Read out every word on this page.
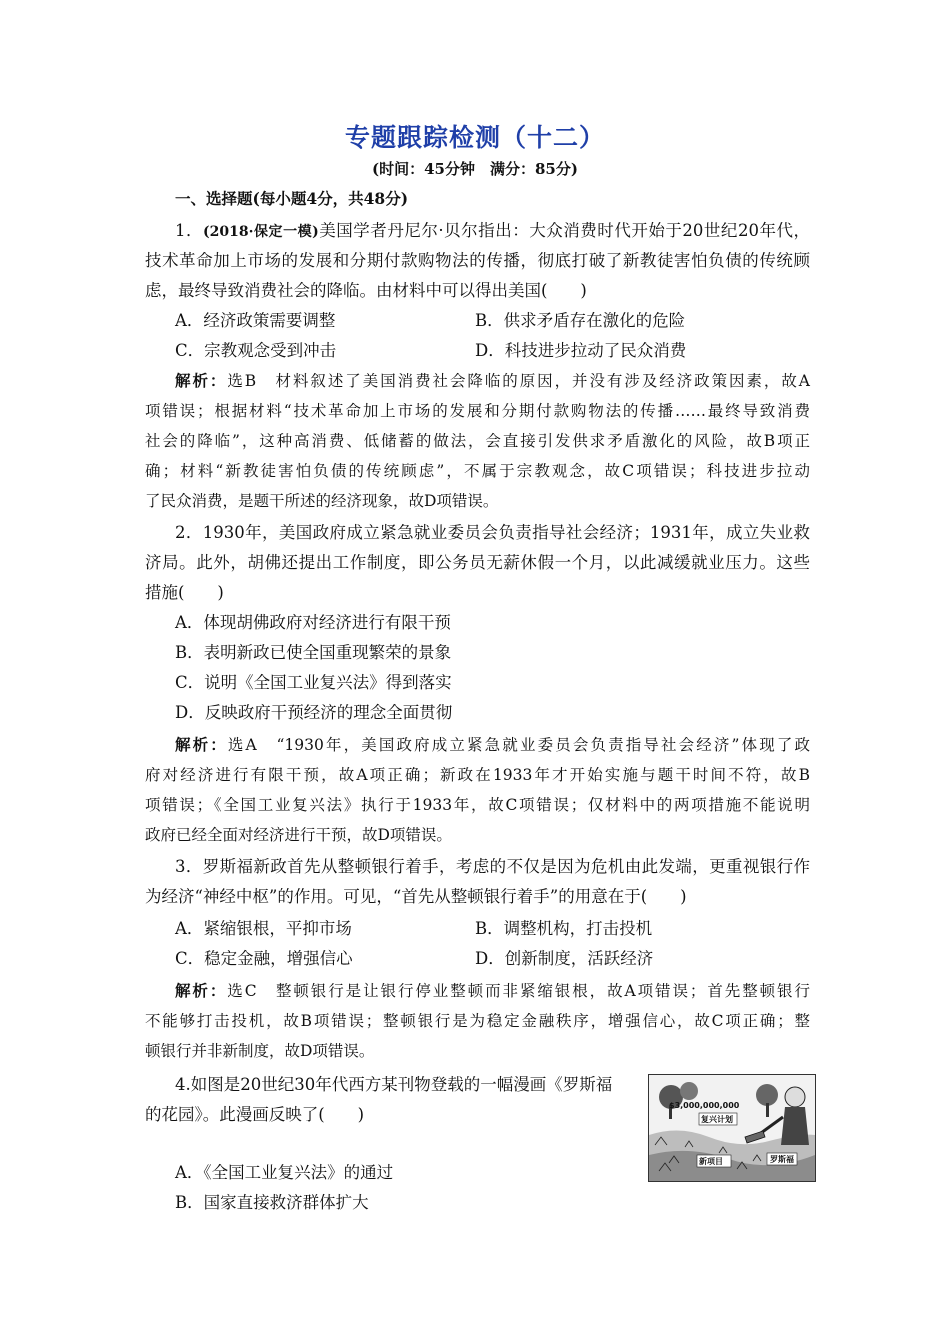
专题跟踪检测（十二）
(时间：45分钟　满分：85分)
一、选择题(每小题4分，共48分)
1．(2018·保定一模)美国学者丹尼尔·贝尔指出：大众消费时代开始于20世纪20年代，
技术革命加上市场的发展和分期付款购物法的传播，彻底打破了新教徒害怕负债的传统顾
虑，最终导致消费社会的降临。由材料中可以得出美国(　　)
A．经济政策需要调整	B．供求矛盾存在激化的危险
C．宗教观念受到冲击	D．科技进步拉动了民众消费
解析：选B　材料叙述了美国消费社会降临的原因，并没有涉及经济政策因素，故A
项错误；根据材料“技术革命加上市场的发展和分期付款购物法的传播……最终导致消费
社会的降临”，这种高消费、低储蓄的做法，会直接引发供求矛盾激化的风险，故B项正
确；材料“新教徒害怕负债的传统顾虑”，不属于宗教观念，故C项错误；科技进步拉动
了民众消费，是题干所述的经济现象，故D项错误。
2．1930年，美国政府成立紧急就业委员会负责指导社会经济；1931年，成立失业救
济局。此外，胡佛还提出工作制度，即公务员无薪休假一个月，以此减缓就业压力。这些
措施(　　)
A．体现胡佛政府对经济进行有限干预
B．表明新政已使全国重现繁荣的景象
C．说明《全国工业复兴法》得到落实
D．反映政府干预经济的理念全面贯彻
解析：选A　“1930年，美国政府成立紧急就业委员会负责指导社会经济”体现了政
府对经济进行有限干预，故A项正确；新政在1933年才开始实施与题干时间不符，故B
项错误；《全国工业复兴法》执行于1933年，故C项错误；仅材料中的两项措施不能说明
政府已经全面对经济进行干预，故D项错误。
3．罗斯福新政首先从整顿银行着手，考虑的不仅是因为危机由此发端，更重视银行作
为经济“神经中枢”的作用。可见，“首先从整顿银行着手”的用意在于(　　)
A．紧缩银根，平抑市场	B．调整机构，打击投机
C．稳定金融，增强信心	D．创新制度，活跃经济
解析：选C　整顿银行是让银行停业整顿而非紧缩银根，故A项错误；首先整顿银行
不能够打击投机，故B项错误；整顿银行是为稳定金融秩序，增强信心，故C项正确；整
顿银行并非新制度，故D项错误。
4.如图是20世纪30年代西方某刊物登载的一幅漫画《罗斯福
的花园》。此漫画反映了(　　)
A．《全国工业复兴法》的通过
B．国家直接救济群体扩大
$3,000,000,000
复兴计划
新项目	罗斯福
